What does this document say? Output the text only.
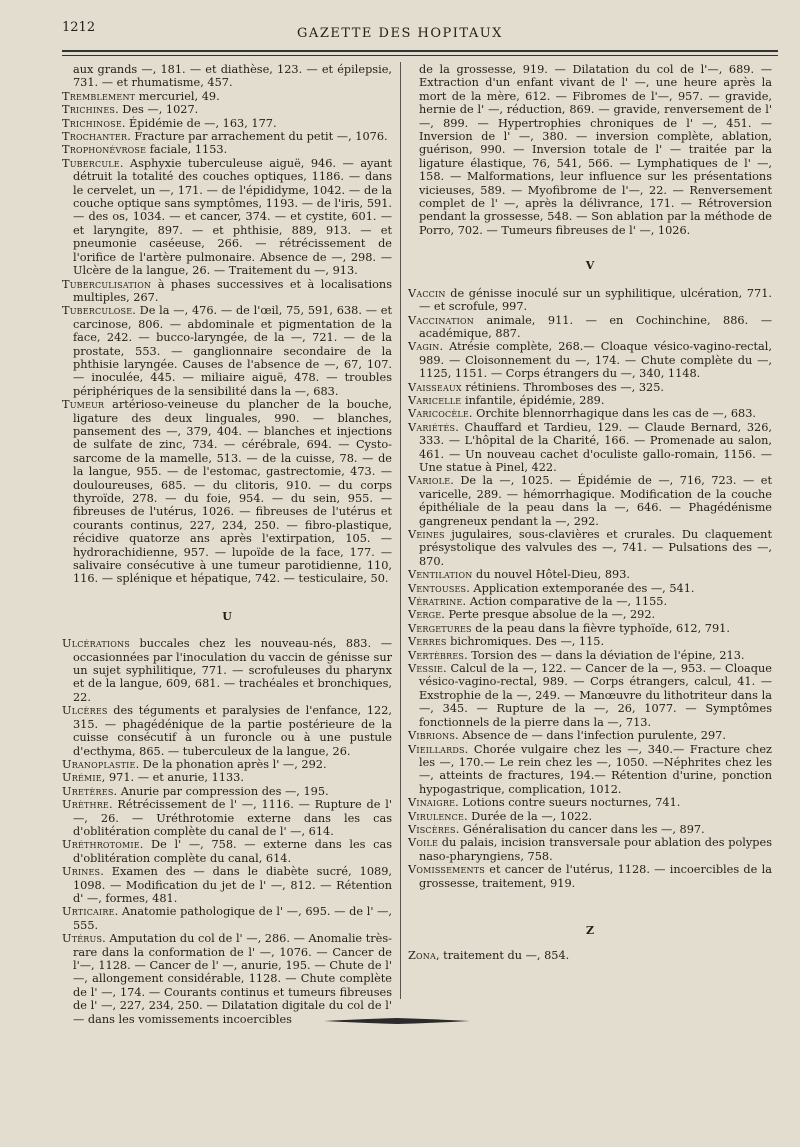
1212	GAZETTE DES HOPITAUX

aux grands —, 181. — et diathèse, 123. — et épilepsie, 731. — et rhumatisme, 457.

Tremblement mercuriel, 49.

Trichines. Des —, 1027.

Trichinose. Épidémie de —, 163, 177.

Trochanter. Fracture par arrachement du petit —, 1076.

Trophonévrose faciale, 1153.

Tubercule. Asphyxie tuberculeuse aiguë, 946. — ayant détruit la totalité des couches optiques, 1186. — dans le cervelet, un —, 171. — de l'épididyme, 1042. — de la couche optique sans symptômes, 1193. — de l'iris, 591. — des os, 1034. — et cancer, 374. — et cystite, 601. — et laryngite, 897. — et phthisie, 889, 913. — et pneumonie caséeuse, 266. — rétrécissement de l'orifice de l'artère pulmonaire. Absence de —, 298. — Ulcère de la langue, 26. — Traitement du —, 913.

Tuberculisation à phases successives et à localisations multiples, 267.

Tuberculose. De la —, 476. — de l'œil, 75, 591, 638. — et carcinose, 806. — abdominale et pigmentation de la face, 242. — bucco-laryngée, de la —, 721. — de la prostate, 553. — ganglionnaire secondaire de la phthisie laryngée. Causes de l'absence de —, 67, 107. — inoculée, 445. — miliaire aiguë, 478. — troubles périphériques de la sensibilité dans la —, 683.

Tumeur artérioso-veineuse du plancher de la bouche, ligature des deux linguales, 990. — blanches, pansement des —, 379, 404. — blanches et injections de sulfate de zinc, 734. — cérébrale, 694. — Cysto-sarcome de la mamelle, 513. — de la cuisse, 78. — de la langue, 955. — de l'estomac, gastrectomie, 473. — douloureuses, 685. — du clitoris, 910. — du corps thyroïde, 278. — du foie, 954. — du sein, 955. — fibreuses de l'utérus, 1026. — fibreuses de l'utérus et courants continus, 227, 234, 250. — fibro-plastique, récidive quatorze ans après l'extirpation, 105. — hydrorachidienne, 957. — lupoïde de la face, 177. — salivaire consécutive à une tumeur parotidienne, 110, 116. — splénique et hépatique, 742. — testiculaire, 50.

U

Ulcérations buccales chez les nouveau-nés, 883. — occasionnées par l'inoculation du vaccin de génisse sur un sujet syphilitique, 771. — scrofuleuses du pharynx et de la langue, 609, 681. — trachéales et bronchiques, 22.

Ulcères des téguments et paralysies de l'enfance, 122, 315. — phagédénique de la partie postérieure de la cuisse consécutif à un furoncle ou à une pustule d'ecthyma, 865. — tuberculeux de la langue, 26.

Uranoplastie. De la phonation après l' —, 292.

Urémie, 971. — et anurie, 1133.

Uretères. Anurie par compression des —, 195.

Urèthre. Rétrécissement de l' —, 1116. — Rupture de l' —, 26. — Uréthrotomie externe dans les cas d'oblitération complète du canal de l' —, 614.

Uréthrotomie. De l' —, 758. — externe dans les cas d'oblitération complète du canal, 614.

Urines. Examen des — dans le diabète sucré, 1089, 1098. — Modification du jet de l' —, 812. — Rétention d' —, formes, 481.

Urticaire. Anatomie pathologique de l' —, 695. — de l' —, 555.

Utérus. Amputation du col de l' —, 286. — Anomalie très-rare dans la conformation de l' —, 1076. — Cancer de l'—, 1128. — Cancer de l' —, anurie, 195. — Chute de l' —, allongement considérable, 1128. — Chute complète de l' —, 174. — Courants continus et tumeurs fibreuses de l' —, 227, 234, 250. — Dilatation digitale du col de l' — dans les vomissements incoercibles

de la grossesse, 919. — Dilatation du col de l'—, 689. — Extraction d'un enfant vivant de l' —, une heure après la mort de la mère, 612. — Fibromes de l'—, 957. — gravide, hernie de l' —, réduction, 869. — gravide, renversement de l' —, 899. — Hypertrophies chroniques de l' —, 451. — Inversion de l' —, 380. — inversion complète, ablation, guérison, 990. — Inversion totale de l' — traitée par la ligature élastique, 76, 541, 566. — Lymphatiques de l' —, 158. — Malformations, leur influence sur les présentations vicieuses, 589. — Myofibrome de l'—, 22. — Renversement complet de l' —, après la délivrance, 171. — Rétroversion pendant la grossesse, 548. — Son ablation par la méthode de Porro, 702. — Tumeurs fibreuses de l' —, 1026.

V

Vaccin de génisse inoculé sur un syphilitique, ulcération, 771. — et scrofule, 997.

Vaccination animale, 911. — en Cochinchine, 886. — académique, 887.

Vagin. Atrésie complète, 268.— Cloaque vésico-vagino-rectal, 989. — Cloisonnement du —, 174. — Chute complète du —, 1125, 1151. — Corps étrangers du —, 340, 1148.

Vaisseaux rétiniens. Thromboses des —, 325.

Varicelle infantile, épidémie, 289.

Varicocèle. Orchite blennorrhagique dans les cas de —, 683.

Variétés. Chauffard et Tardieu, 129. — Claude Bernard, 326, 333. — L'hôpital de la Charité, 166. — Promenade au salon, 461. — Un nouveau cachet d'oculiste gallo-romain, 1156. — Une statue à Pinel, 422.

Variole. De la —, 1025. — Épidémie de —, 716, 723. — et varicelle, 289. — hémorrhagique. Modification de la couche épithéliale de la peau dans la —, 646. — Phagédénisme gangreneux pendant la —, 292.

Veines jugulaires, sous-clavières et crurales. Du claquement présystolique des valvules des —, 741. — Pulsations des —, 870.

Ventilation du nouvel Hôtel-Dieu, 893.

Ventouses. Application extemporanée des —, 541.

Vératrine. Action comparative de la —, 1155.

Verge. Perte presque absolue de la —, 292.

Vergetures de la peau dans la fièvre typhoïde, 612, 791.

Verres bichromiques. Des —, 115.

Vertèbres. Torsion des — dans la déviation de l'épine, 213.

Vessie. Calcul de la —, 122. — Cancer de la —, 953. — Cloaque vésico-vagino-rectal, 989. — Corps étrangers, calcul, 41. — Exstrophie de la —, 249. — Manœuvre du lithotriteur dans la —, 345. — Rupture de la —, 26, 1077. — Symptômes fonctionnels de la pierre dans la —, 713.

Vibrions. Absence de — dans l'infection purulente, 297.

Vieillards. Chorée vulgaire chez les —, 340.— Fracture chez les —, 170.— Le rein chez les —, 1050. —Néphrites chez les —, atteints de fractures, 194.— Rétention d'urine, ponction hypogastrique, complication, 1012.

Vinaigre. Lotions contre sueurs nocturnes, 741.

Virulence. Durée de la —, 1022.

Viscères. Généralisation du cancer dans les —, 897.

Voile du palais, incision transversale pour ablation des polypes naso-pharyngiens, 758.

Vomissements et cancer de l'utérus, 1128. — incoercibles de la grossesse, traitement, 919.

Z

Zona, traitement du —, 854.
